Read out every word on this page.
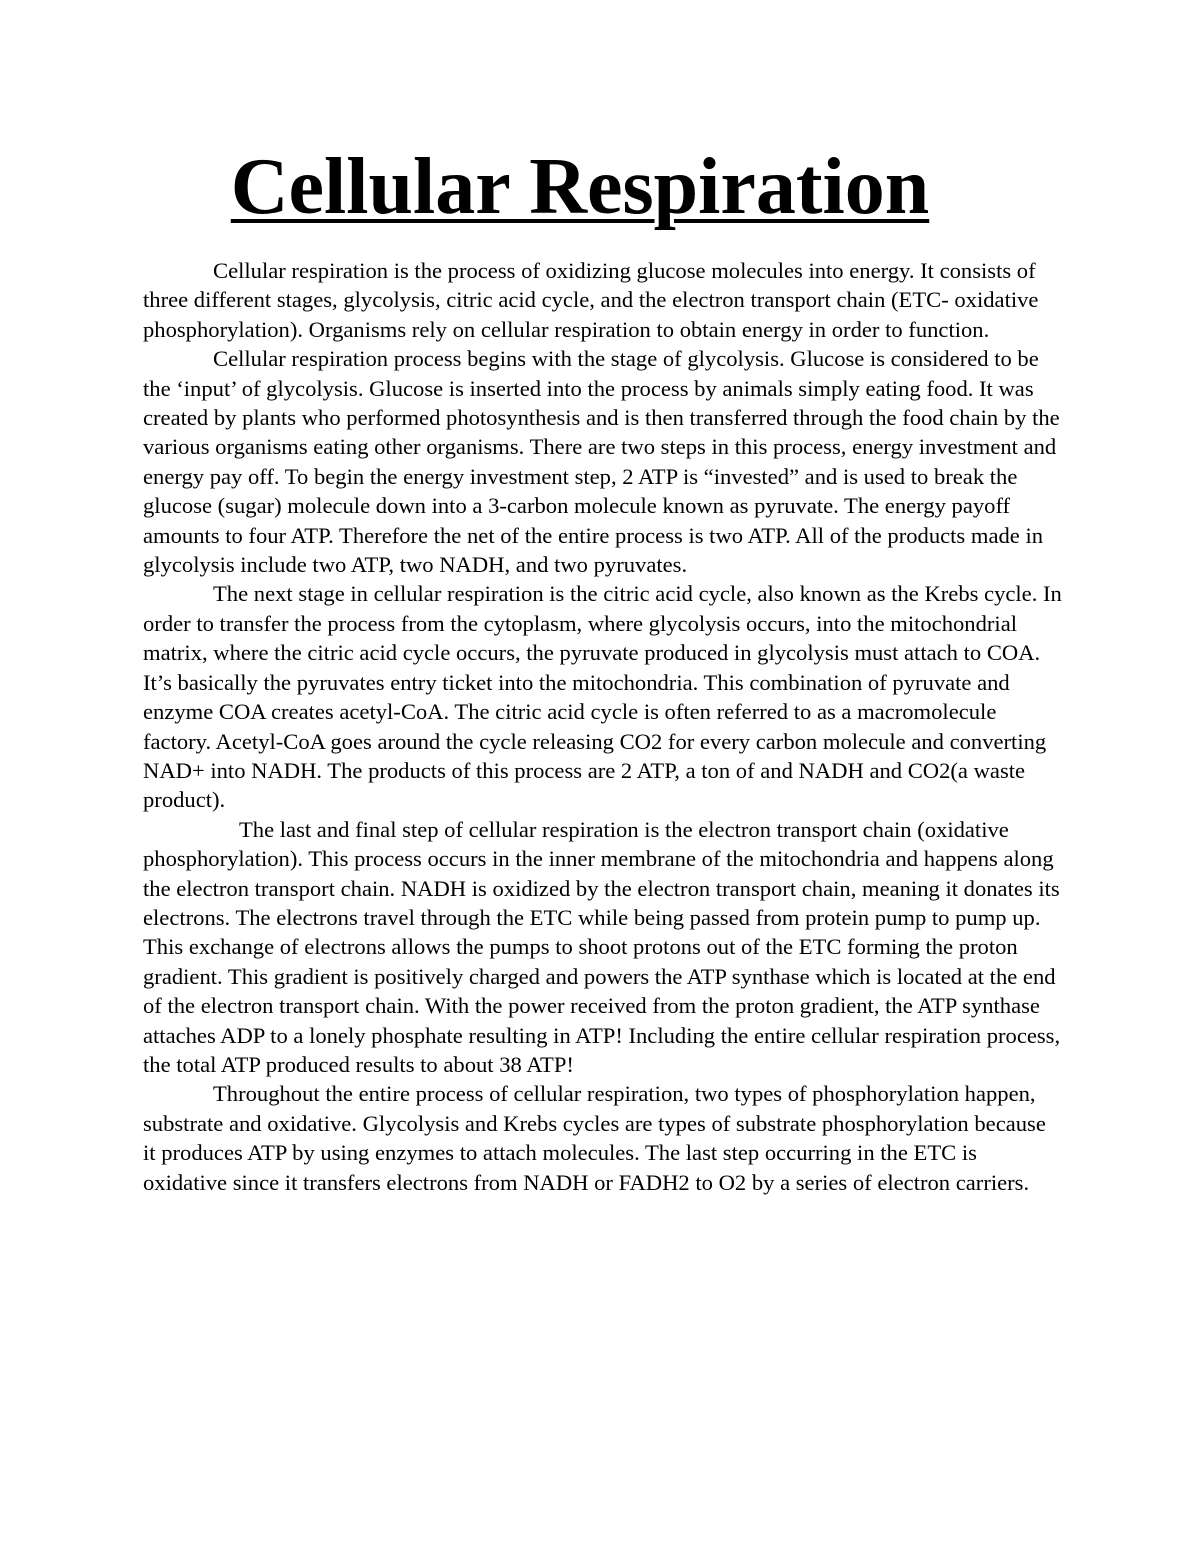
Cellular Respiration

Cellular respiration is the process of oxidizing glucose molecules into energy. It consists of three different stages, glycolysis, citric acid cycle, and the electron transport chain (ETC- oxidative phosphorylation). Organisms rely on cellular respiration to obtain energy in order to function.

Cellular respiration process begins with the stage of glycolysis. Glucose is considered to be the ‘input’ of glycolysis. Glucose is inserted into the process by animals simply eating food. It was created by plants who performed photosynthesis and is then transferred through the food chain by the various organisms eating other organisms. There are two steps in this process, energy investment and energy pay off. To begin the energy investment step, 2 ATP is “invested” and is used to break the glucose (sugar) molecule down into a 3-carbon molecule known as pyruvate. The energy payoff amounts to four ATP. Therefore the net of the entire process is two ATP. All of the products made in glycolysis include two ATP, two NADH, and two pyruvates.

The next stage in cellular respiration is the citric acid cycle, also known as the Krebs cycle. In order to transfer the process from the cytoplasm, where glycolysis occurs, into the mitochondrial matrix, where the citric acid cycle occurs, the pyruvate produced in glycolysis must attach to COA. It’s basically the pyruvates entry ticket into the mitochondria. This combination of pyruvate and enzyme COA creates acetyl-CoA. The citric acid cycle is often referred to as a macromolecule factory. Acetyl-CoA goes around the cycle releasing CO2 for every carbon molecule and converting NAD+ into NADH. The products of this process are 2 ATP, a ton of and NADH and CO2(a waste product).

The last and final step of cellular respiration is the electron transport chain (oxidative phosphorylation). This process occurs in the inner membrane of the mitochondria and happens along the electron transport chain. NADH is oxidized by the electron transport chain, meaning it donates its electrons. The electrons travel through the ETC while being passed from protein pump to pump up. This exchange of electrons allows the pumps to shoot protons out of the ETC forming the proton gradient. This gradient is positively charged and powers the ATP synthase which is located at the end of the electron transport chain. With the power received from the proton gradient, the ATP synthase attaches ADP to a lonely phosphate resulting in ATP! Including the entire cellular respiration process, the total ATP produced results to about 38 ATP!

Throughout the entire process of cellular respiration, two types of phosphorylation happen, substrate and oxidative. Glycolysis and Krebs cycles are types of substrate phosphorylation because it produces ATP by using enzymes to attach molecules. The last step occurring in the ETC is oxidative since it transfers electrons from NADH or FADH2 to O2 by a series of electron carriers.
